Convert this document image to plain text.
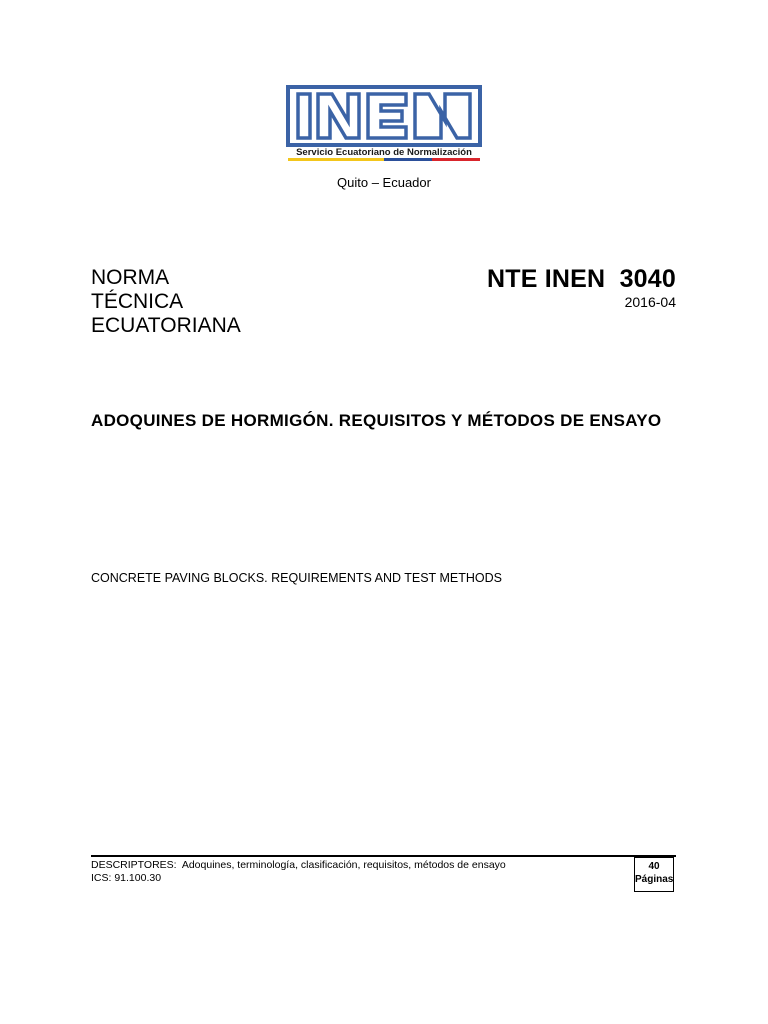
Servicio Ecuatoriano de Normalización
Quito – Ecuador
NORMA
TÉCNICA
ECUATORIANA
NTE INEN  3040
2016-04
ADOQUINES DE HORMIGÓN. REQUISITOS Y MÉTODOS DE ENSAYO
CONCRETE PAVING BLOCKS. REQUIREMENTS AND TEST METHODS
DESCRIPTORES:  Adoquines, terminología, clasificación, requisitos, métodos de ensayo
ICS: 91.100.30
40
Páginas
